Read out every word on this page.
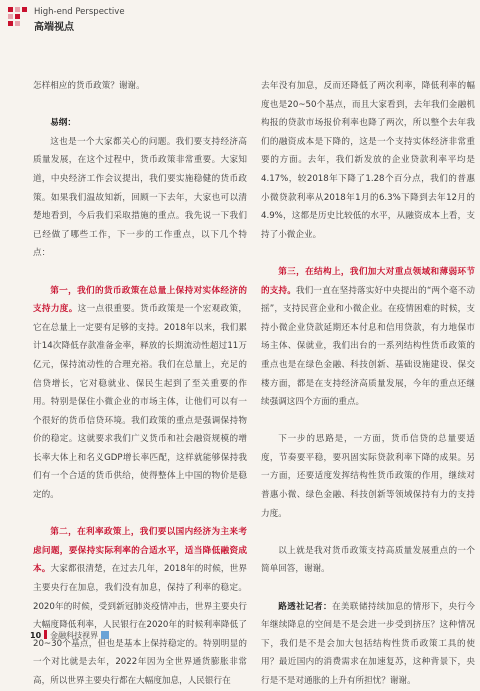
High-end Perspective
高端视点

怎样相应的货币政策？谢谢。

易纲：

这也是一个大家都关心的问题。我们要支持经济高质量发展，在这个过程中，货币政策非常重要。大家知道，中央经济工作会议提出，我们要实施稳健的货币政策。如果我们温故知新，回顾一下去年，大家也可以清楚地看到，今后我们采取措施的重点。我先说一下我们已经做了哪些工作，下一步的工作重点，以下几个特点：

第一，我们的货币政策在总量上保持对实体经济的支持力度。这一点很重要。货币政策是一个宏观政策，它在总量上一定要有足够的支持。2018年以来，我们累计14次降低存款准备金率，释放的长期流动性超过11万亿元，保持流动性的合理充裕。我们在总量上，充足的信贷增长，它对稳就业、保民生起到了至关重要的作用。特别是保住小微企业的市场主体，让他们可以有一个很好的货币信贷环境。我们政策的重点是强调保持物价的稳定。这就要求我们广义货币和社会融资规模的增长率大体上和名义GDP增长率匹配，这样就能够保持我们有一个合适的货币供给，使得整体上中国的物价是稳定的。

第二，在利率政策上，我们要以国内经济为主来考虑问题，要保持实际利率的合适水平，适当降低融资成本。大家都很清楚，在过去几年，2018年的时候，世界主要央行在加息，我们没有加息，保持了利率的稳定。2020年的时候，受到新冠肺炎疫情冲击，世界主要央行大幅度降低利率，人民银行在2020年的时候利率降低了20~30个基点，但也是基本上保持稳定的。特别明显的一个对比就是去年，2022年因为全世界通货膨胀非常高，所以世界主要央行都在大幅度加息，人民银行在

去年没有加息，反而还降低了两次利率，降低利率的幅度也是20~50个基点，而且大家看到，去年我们金融机构报的贷款市场报价利率也降了两次，所以整个去年我们的融资成本是下降的，这是一个支持实体经济非常重要的方面。去年，我们新发放的企业贷款利率平均是4.17%，较2018年下降了1.28个百分点，我们的普惠小微贷款利率从2018年1月的6.3%下降到去年12月的4.9%，这都是历史比较低的水平，从融资成本上看，支持了小微企业。

第三，在结构上，我们加大对重点领域和薄弱环节的支持。我们一直在坚持落实好中央提出的“两个毫不动摇”，支持民营企业和小微企业。在疫情困难的时候，支持小微企业贷款延期还本付息和信用贷款，有力地保市场主体、保就业，我们出台的一系列结构性货币政策的重点也是在绿色金融、科技创新、基础设施建设、保交楼方面，都是在支持经济高质量发展，今年的重点还继续强调这四个方面的重点。

下一步的思路是，一方面，货币信贷的总量要适度，节奏要平稳，要巩固实际贷款利率下降的成果。另一方面，还要适度发挥结构性货币政策的作用，继续对普惠小微、绿色金融、科技创新等领域保持有力的支持力度。

以上就是我对货币政策支持高质量发展重点的一个简单回答，谢谢。

路透社记者：在美联储持续加息的情形下，央行今年继续降息的空间是不是会进一步受到挤压？这种情况下，我们是不是会加大包括结构性货币政策工具的使用？最近国内的消费需求在加速复苏，这种背景下，央行是不是对通胀的上升有所担忧？谢谢。

10 金融科技视界
